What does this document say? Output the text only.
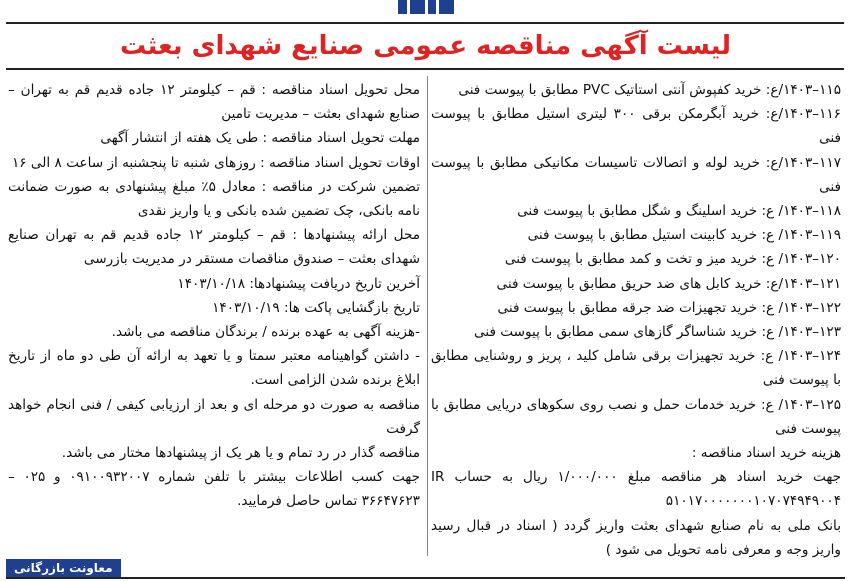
لیست آگهی مناقصه عمومی صنایع شهدای بعثت

۱۱۵–۱۴۰۳/ع: خرید کفپوش آنتی استاتیک PVC مطابق با پیوست فنی

۱۱۶–۱۴۰۳/ع: خرید آبگرمکن برقی ۳۰۰ لیتری استیل مطابق با پیوست فنی

۱۱۷–۱۴۰۳/ع: خرید لوله و اتصالات تاسیسات مکانیکی مطابق با پیوست فنی

۱۱۸–۱۴۰۳/ ع: خرید اسلینگ و شگل مطابق با پیوست فنی

۱۱۹–۱۴۰۳/ ع: خرید کابینت استیل مطابق با پیوست فنی

۱۲۰–۱۴۰۳/ ع: خرید میز و تخت و کمد مطابق با پیوست فنی

۱۲۱–۱۴۰۳/ع: خرید کابل های ضد حریق مطابق با پیوست فنی

۱۲۲–۱۴۰۳/ ع: خرید تجهیزات ضد جرقه مطابق با پیوست فنی

۱۲۳–۱۴۰۳/ ع: خرید شناساگر گازهای سمی مطابق با پیوست فنی

۱۲۴–۱۴۰۳/ ع: خرید تجهیزات برقی شامل کلید ، پریز و روشنایی مطابق با پیوست فنی

۱۲۵–۱۴۰۳/ ع: خرید خدمات حمل و نصب روی سکوهای دریایی مطابق با پیوست فنی

هزینه خرید اسناد مناقصه :

جهت خرید اسناد هر مناقصه مبلغ ۱/۰۰۰/۰۰۰ ریال به حساب IR ۵۱۰۱۷۰۰۰۰۰۰۰۱۰۷۰۷۴۹۴۹۰۰۴

بانک ملی به نام صنایع شهدای بعثت واریز گردد ( اسناد در قبال رسید واریز وجه و معرفی نامه تحویل می شود )

محل تحویل اسناد مناقصه : قم – کیلومتر ۱۲ جاده قدیم قم به تهران – صنایع شهدای بعثت – مدیریت تامین

مهلت تحویل اسناد مناقصه : طی یک هفته از انتشار آگهی

اوقات تحویل اسناد مناقصه : روزهای شنبه تا پنجشنبه از ساعت ۸ الی ۱۶

تضمین شرکت در مناقصه : معادل ۵٪ مبلغ پیشنهادی به صورت ضمانت نامه بانکی، چک تضمین شده بانکی و یا واریز نقدی

محل ارائه پیشنهادها : قم – کیلومتر ۱۲ جاده قدیم قم به تهران صنایع شهدای بعثت – صندوق مناقصات مستقر در مدیریت بازرسی

آخرین تاریخ دریافت پیشنهادها: ۱۴۰۳/۱۰/۱۸

تاریخ بازگشایی پاکت ها: ۱۴۰۳/۱۰/۱۹

-هزینه آگهی به عهده برنده / برندگان مناقصه می باشد.

- داشتن گواهینامه معتبر سمتا و یا تعهد به ارائه آن طی دو ماه از تاریخ ابلاغ برنده شدن الزامی است.

مناقصه به صورت دو مرحله ای و بعد از ارزیابی کیفی / فنی انجام خواهد گرفت

مناقصه گذار در رد تمام و یا هر یک از پیشنهادها مختار می باشد.

جهت کسب اطلاعات بیشتر با تلفن شماره ۰۹۱۰۰۹۳۲۰۰۷ و ۰۲۵ – ۳۶۶۴۷۶۲۳ تماس حاصل فرمایید.

معاونت بازرگانی
